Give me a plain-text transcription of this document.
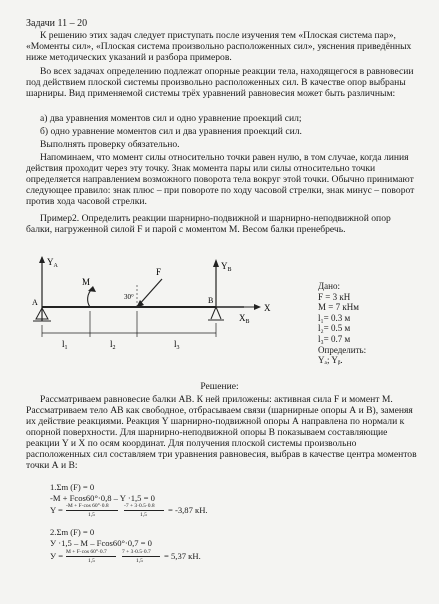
Задачи 11 – 20
К решению этих задач следует приступать после изучения тем «Плоская система пар», «Моменты сил», «Плоская система произвольно расположенных сил», уяснения приведённых ниже методических указаний и разбора примеров.
Во всех задачах определению подлежат опорные реакции тела, находящегося в равновесии под действием плоской системы произвольно расположенных сил. В качестве опор выбраны шарниры. Вид применяемой системы трёх уравнений равновесия может быть различным:
а) два уравнения моментов сил и одно уравнение проекций сил;
б) одно уравнение моментов сил и два уравнения проекций сил.
Выполнять проверку обязательно.
Напоминаем, что момент силы относительно точки равен нулю, в том случае, когда линия действия проходит через эту точку. Знак момента пары или силы относительно точки определяется направлением возможного поворота тела вокруг этой точки. Обычно принимают следующее правило: знак плюс – при повороте по ходу часовой стрелки, знак минус – поворот против хода часовой стрелки.
Пример2. Определить реакции шарнирно-подвижной и шарнирно-неподвижной опор балки, нагруженной силой F и парой с моментом M. Весом балки пренебречь.
$Y_A$	$Y_B$
$X_B$
X
M
F
30°
A	B
$l_1$	$l_2$	$l_3$
Дано:
F = 3 кН
M = 7 кНм
l₁= 0.3 м
l₂= 0.5 м
l₃= 0.7 м
Определить:
Yₐ; Yᵦ.
Решение:
Рассматриваем равновесие балки АВ. К ней приложены: активная сила F и момент М. Рассматриваем тело АВ как свободное, отбрасываем связи (шарнирные опоры А и В), заменяя их действие реакциями. Реакция Y шарнирно-подвижной опоры А направлена по нормали к опорной поверхности. Для шарнирно-неподвижной опоры В показываем составляющие реакции Y и X по осям координат. Для получения плоской системы произвольно расположенных сил составляем три уравнения равновесия, выбрав в качестве центра моментов точки А и В:
1.Σm (F) = 0
-M + Fcos60°·0,8 – Y ·1,5 = 0
Y = -M + F·cos 60°·0.8
1,5
-7 + 3·0.5·0.8
1,5 = -3,87 кН.
2.Σm (F) = 0
У ·1,5 – M – Fcos60°·0,7 = 0
У = M + F·cos 60°·0.7
1,5
7 + 3·0.5·0.7
1,5 = 5,37 кН.
